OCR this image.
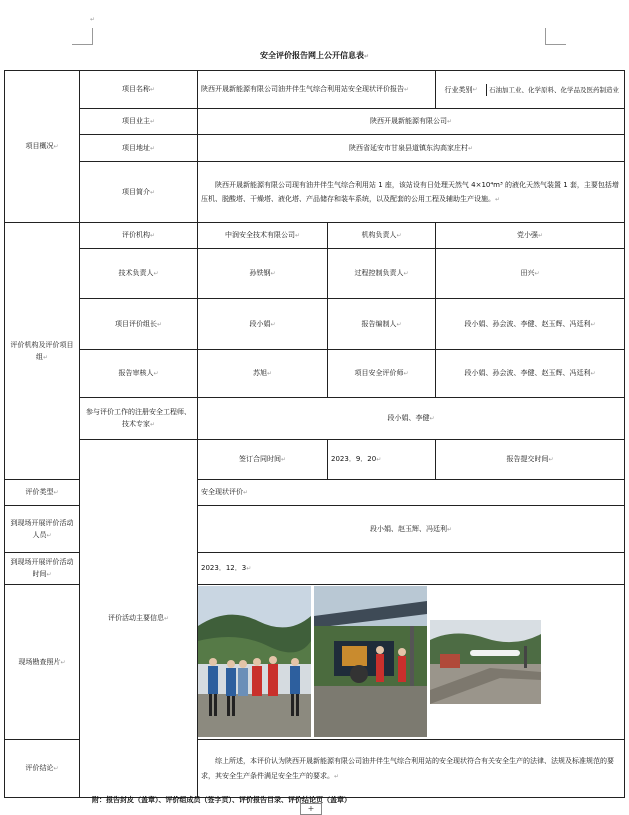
↵
安全评价报告网上公开信息表↵
项目概况↵	项目名称↵	陕西开晟新能源有限公司油井伴生气综合利用站安全现状评价报告↵		行业类别 ↵ 石油加工业、化学原料、化学品及医药制造业	

	项目业主↵	陕西开晟新能源有限公司↵			
	项目地址↵	陕西省延安市甘泉县道镇东沟高家庄村↵			
	项目简介↵	陕西开晟新能源有限公司现有油井伴生气综合利用站 1 座，该站设有日处理天然气 4×10⁴m³ 的液化天然气装置 1 套，主要包括增压机、脱酸塔、干燥塔、液化塔、产品储存和装车系统，以及配套的公用工程及辅助生产设施。↵			
评价机构及评价项目组↵	评价机构↵	中润安全技术有限公司↵	机构负责人↵	党小强↵	
	技术负责人↵	孙铁钢↵	过程控制负责人↵	田兴↵	
	项目评价组长↵	段小娟↵	报告编制人↵	段小娟、孙会波、李健、赵玉辉、冯廷利↵	
	报告审核人↵	苏旭↵	项目安全评价师↵	段小娟、孙会波、李健、赵玉辉、冯廷利↵	
	参与评价工作的注册安全工程师、技术专家↵	段小娟、李健↵			
	评价活动主要信息↵	签订合同时间↵	2023．9．20↵	报告提交时间↵	
评价类型↵		安全现状评价↵			
到现场开展评价活动人员↵		段小娟、赵玉辉、冯廷利↵			
到现场开展评价活动时间↵		2023．12．3↵			
现场勘查照片↵	

评价结论↵		综上所述，本评价认为陕西开晟新能源有限公司油井伴生气综合利用站的安全现状符合有关安全生产的法律、法规及标准规范的要求，其安全生产条件满足安全生产的要求。↵			
附：报告封皮（盖章）、评价组成员（签字页）、评价报告目录、评价结论页（盖章）
+
